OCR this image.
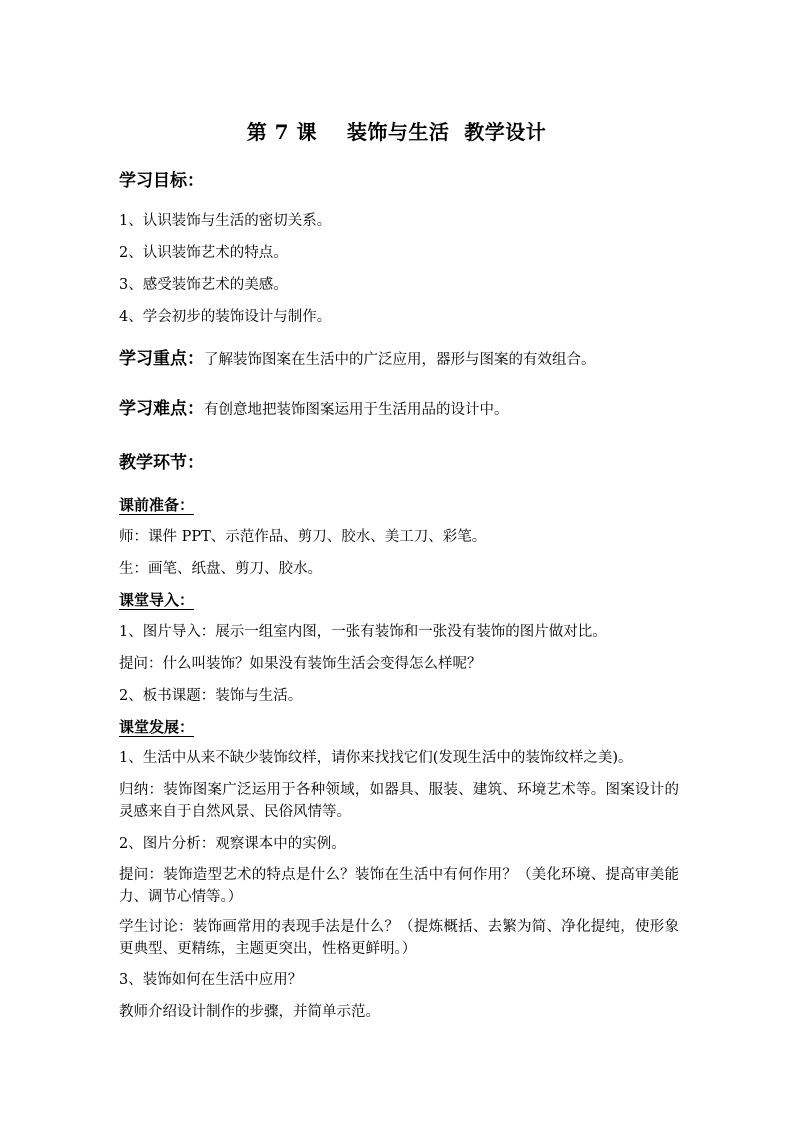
第 7 课    装饰与生活  教学设计
学习目标：
1、认识装饰与生活的密切关系。
2、认识装饰艺术的特点。
3、感受装饰艺术的美感。
4、学会初步的装饰设计与制作。
学习重点：了解装饰图案在生活中的广泛应用，器形与图案的有效组合。
学习难点：有创意地把装饰图案运用于生活用品的设计中。
教学环节：
课前准备：
师：课件 PPT、示范作品、剪刀、胶水、美工刀、彩笔。
生：画笔、纸盘、剪刀、胶水。
课堂导入：
1、图片导入：展示一组室内图，一张有装饰和一张没有装饰的图片做对比。
提问：什么叫装饰？如果没有装饰生活会变得怎么样呢？
2、板书课题：装饰与生活。
课堂发展：
1、生活中从来不缺少装饰纹样，请你来找找它们(发现生活中的装饰纹样之美)。
归纳：装饰图案广泛运用于各种领域，如器具、服装、建筑、环境艺术等。图案设计的灵感来自于自然风景、民俗风情等。
2、图片分析：观察课本中的实例。
提问：装饰造型艺术的特点是什么？装饰在生活中有何作用？（美化环境、提高审美能力、调节心情等。）
学生讨论：装饰画常用的表现手法是什么？（提炼概括、去繁为简、净化提纯，使形象更典型、更精练，主题更突出，性格更鲜明。）
3、装饰如何在生活中应用？
教师介绍设计制作的步骤，并简单示范。
